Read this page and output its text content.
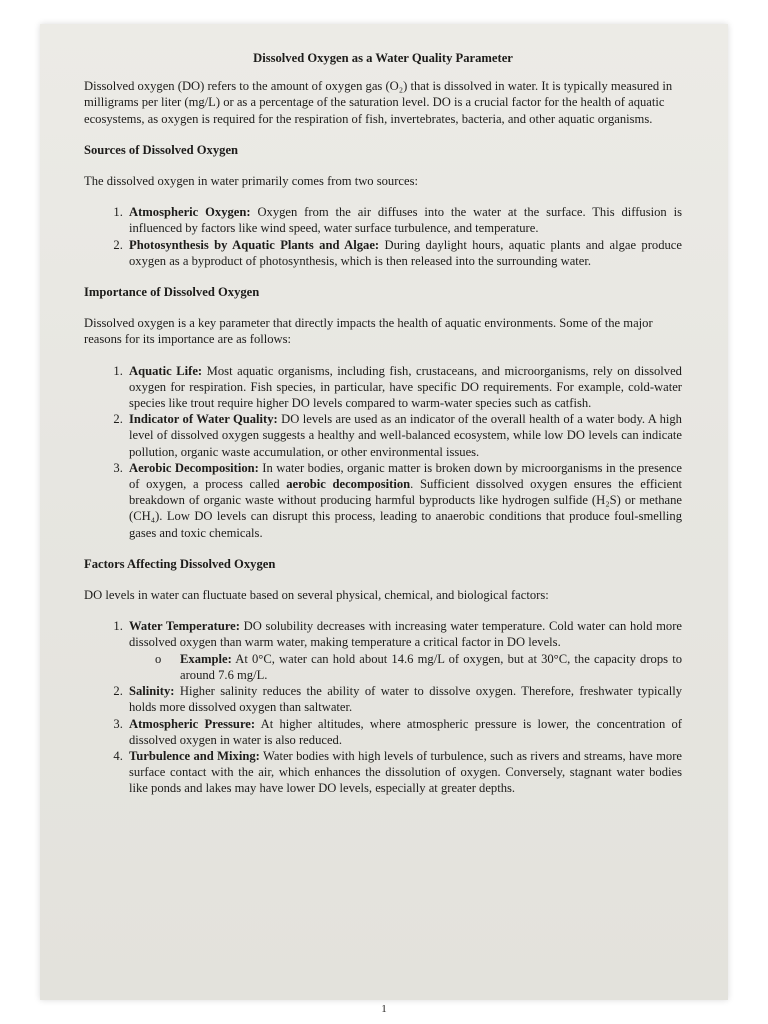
Dissolved Oxygen as a Water Quality Parameter

Dissolved oxygen (DO) refers to the amount of oxygen gas (O₂) that is dissolved in water. It is typically measured in milligrams per liter (mg/L) or as a percentage of the saturation level. DO is a crucial factor for the health of aquatic ecosystems, as oxygen is required for the respiration of fish, invertebrates, bacteria, and other aquatic organisms.

Sources of Dissolved Oxygen

The dissolved oxygen in water primarily comes from two sources:

1. Atmospheric Oxygen: Oxygen from the air diffuses into the water at the surface. This diffusion is influenced by factors like wind speed, water surface turbulence, and temperature.
2. Photosynthesis by Aquatic Plants and Algae: During daylight hours, aquatic plants and algae produce oxygen as a byproduct of photosynthesis, which is then released into the surrounding water.
Importance of Dissolved Oxygen

Dissolved oxygen is a key parameter that directly impacts the health of aquatic environments. Some of the major reasons for its importance are as follows:

1. Aquatic Life: Most aquatic organisms, including fish, crustaceans, and microorganisms, rely on dissolved oxygen for respiration. Fish species, in particular, have specific DO requirements. For example, cold-water species like trout require higher DO levels compared to warm-water species such as catfish.
2. Indicator of Water Quality: DO levels are used as an indicator of the overall health of a water body. A high level of dissolved oxygen suggests a healthy and well-balanced ecosystem, while low DO levels can indicate pollution, organic waste accumulation, or other environmental issues.
3. Aerobic Decomposition: In water bodies, organic matter is broken down by microorganisms in the presence of oxygen, a process called aerobic decomposition. Sufficient dissolved oxygen ensures the efficient breakdown of organic waste without producing harmful byproducts like hydrogen sulfide (H₂S) or methane (CH₄). Low DO levels can disrupt this process, leading to anaerobic conditions that produce foul-smelling gases and toxic chemicals.
Factors Affecting Dissolved Oxygen

DO levels in water can fluctuate based on several physical, chemical, and biological factors:

1. Water Temperature: DO solubility decreases with increasing water temperature. Cold water can hold more dissolved oxygen than warm water, making temperature a critical factor in DO levels.
o Example: At 0°C, water can hold about 14.6 mg/L of oxygen, but at 30°C, the capacity drops to around 7.6 mg/L.
2. Salinity: Higher salinity reduces the ability of water to dissolve oxygen. Therefore, freshwater typically holds more dissolved oxygen than saltwater.
3. Atmospheric Pressure: At higher altitudes, where atmospheric pressure is lower, the concentration of dissolved oxygen in water is also reduced.
4. Turbulence and Mixing: Water bodies with high levels of turbulence, such as rivers and streams, have more surface contact with the air, which enhances the dissolution of oxygen. Conversely, stagnant water bodies like ponds and lakes may have lower DO levels, especially at greater depths.
1
